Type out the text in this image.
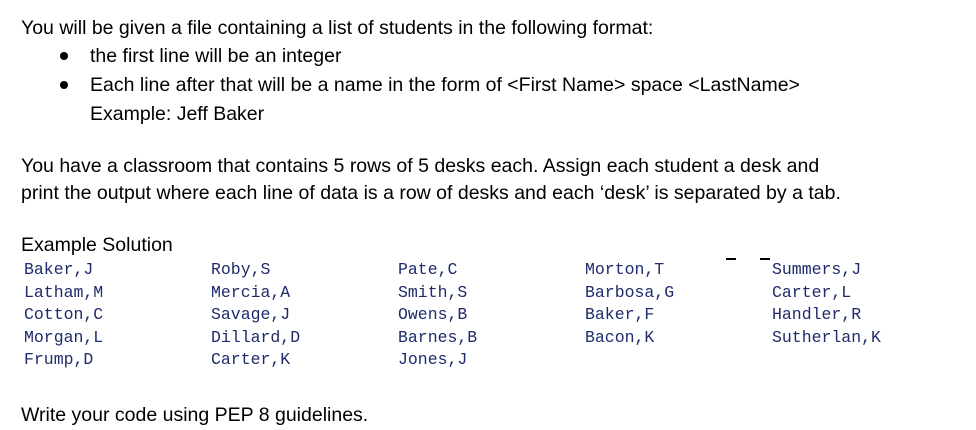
You will be given a file containing a list of students in the following format:

the first line will be an integer

Each line after that will be a name in the form of <First Name> space <LastName>

Example: Jeff Baker

You have a classroom that contains 5 rows of 5 desks each. Assign each student a desk and

print the output where each line of data is a row of desks and each ‘desk’ is separated by a tab.

Example Solution

Baker,J
Latham,M
Cotton,C
Morgan,L
Frump,D
Roby,S
Mercia,A
Savage,J
Dillard,D
Carter,K
Pate,C
Smith,S
Owens,B
Barnes,B
Jones,J
Morton,T
Barbosa,G
Baker,F
Bacon,K
Summers,J
Carter,L
Handler,R
Sutherlan,K

Write your code using PEP 8 guidelines.
